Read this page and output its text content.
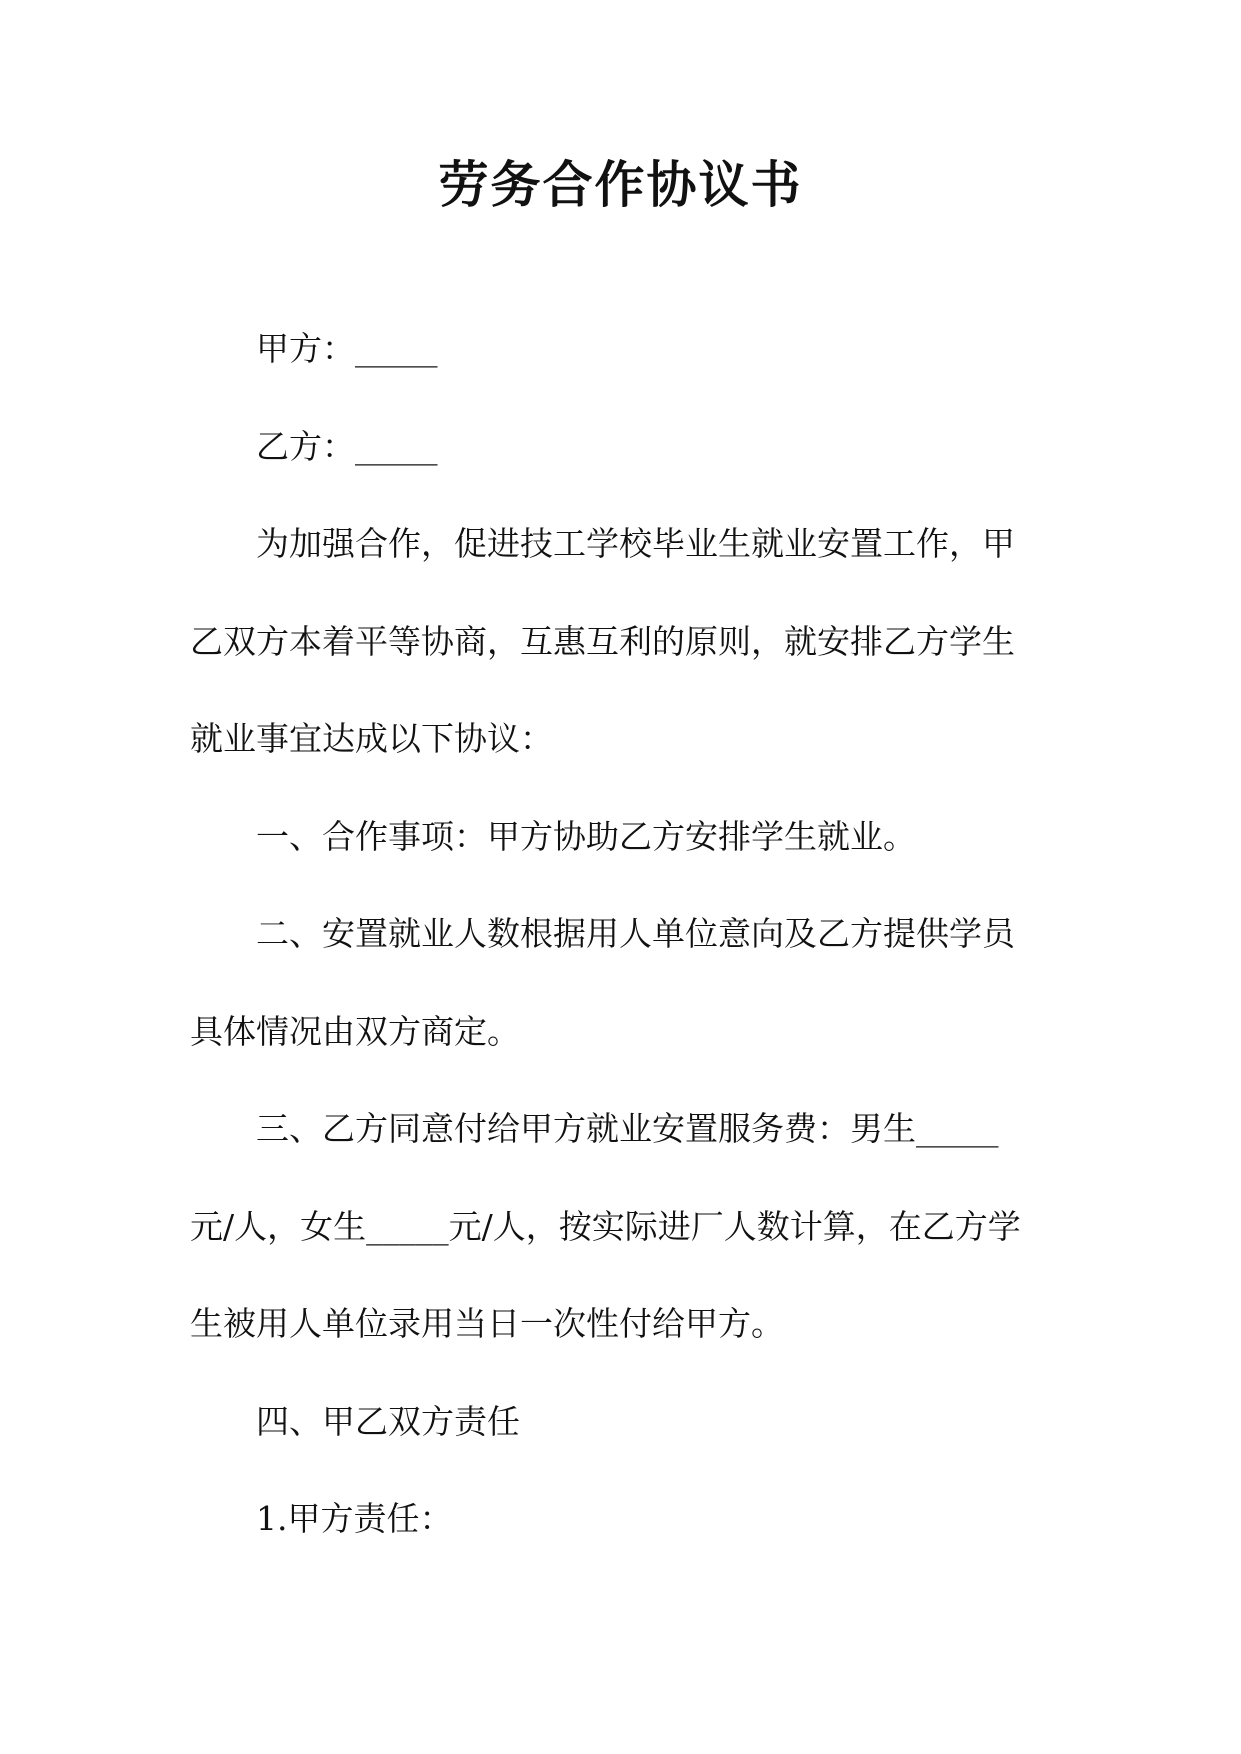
劳务合作协议书

甲方：_____

乙方：_____

为加强合作，促进技工学校毕业生就业安置工作，甲乙双方本着平等协商，互惠互利的原则，就安排乙方学生就业事宜达成以下协议：

一、合作事项：甲方协助乙方安排学生就业。

二、安置就业人数根据用人单位意向及乙方提供学员具体情况由双方商定。

三、乙方同意付给甲方就业安置服务费：男生_____元/人，女生_____元/人，按实际进厂人数计算，在乙方学生被用人单位录用当日一次性付给甲方。

四、甲乙双方责任

1.甲方责任：
